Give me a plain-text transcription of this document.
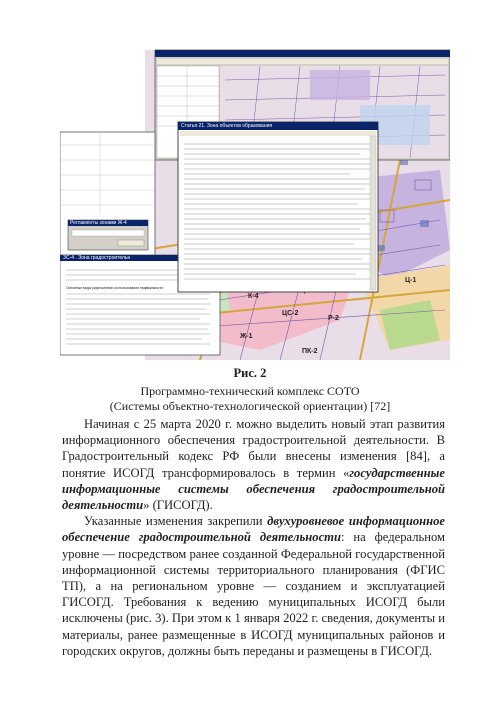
К-4
ЦС-2
Р-2
Ж-1
ПК-2
Ц-1
Основные виды разрешенного использования недвижимости:
Статья 21. Зона объектов образования
ЗС-4 . Зона градостроительн
Регламенты зонами Ж-4
Рис. 2
Программно-технический комплекс СОТО
(Системы объектно-технологической ориентации) [72]

Начиная с 25 марта 2020 г. можно выделить новый этап развития информационного обеспечения градостроительной деятельности. В Градостроительный кодекс РФ были внесены изменения [84], а понятие ИСОГД трансформировалось в термин «государственные информационные системы обеспечения градостроительной деятельности» (ГИСОГД).

Указанные изменения закрепили двухуровневое информационное обеспечение градостроительной деятельности: на федеральном уровне — посредством ранее созданной Федеральной государственной информационной системы территориального планирования (ФГИС ТП), а на региональном уровне — созданием и эксплуатацией ГИСОГД. Требования к ведению муниципальных ИСОГД были исключены (рис. 3). При этом к 1 января 2022 г. сведения, документы и материалы, ранее размещенные в ИСОГД муниципальных районов и городских округов, должны быть переданы и размещены в ГИСОГД.
